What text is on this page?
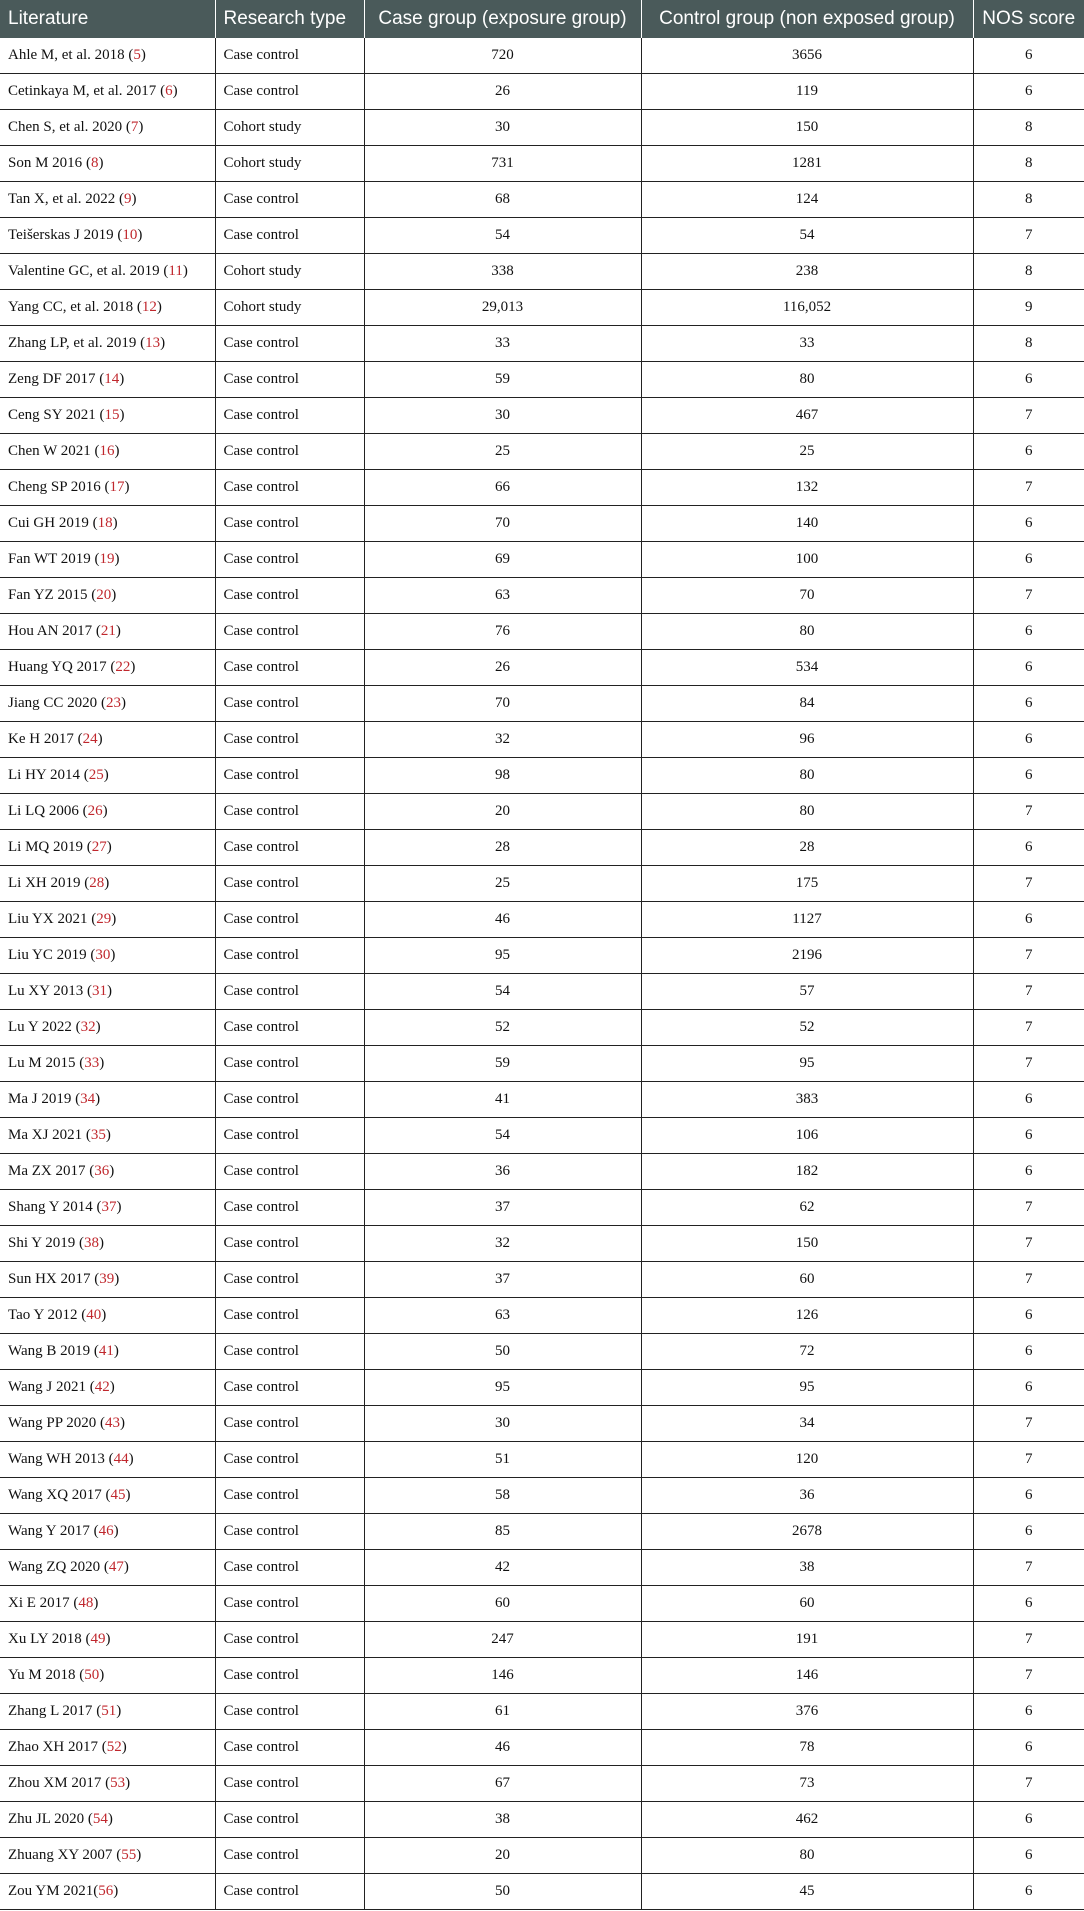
Literature	Research type	Case group (exposure group)	Control group (non exposed group)	NOS score
Ahle M, et al. 2018 (5)	Case control	720	3656	6
Cetinkaya M, et al. 2017 (6)	Case control	26	119	6
Chen S, et al. 2020 (7)	Cohort study	30	150	8
Son M 2016 (8)	Cohort study	731	1281	8
Tan X, et al. 2022 (9)	Case control	68	124	8
Teišerskas J 2019 (10)	Case control	54	54	7
Valentine GC, et al. 2019 (11)	Cohort study	338	238	8
Yang CC, et al. 2018 (12)	Cohort study	29,013	116,052	9
Zhang LP, et al. 2019 (13)	Case control	33	33	8
Zeng DF 2017 (14)	Case control	59	80	6
Ceng SY 2021 (15)	Case control	30	467	7
Chen W 2021 (16)	Case control	25	25	6
Cheng SP 2016 (17)	Case control	66	132	7
Cui GH 2019 (18)	Case control	70	140	6
Fan WT 2019 (19)	Case control	69	100	6
Fan YZ 2015 (20)	Case control	63	70	7
Hou AN 2017 (21)	Case control	76	80	6
Huang YQ 2017 (22)	Case control	26	534	6
Jiang CC 2020 (23)	Case control	70	84	6
Ke H 2017 (24)	Case control	32	96	6
Li HY 2014 (25)	Case control	98	80	6
Li LQ 2006 (26)	Case control	20	80	7
Li MQ 2019 (27)	Case control	28	28	6
Li XH 2019 (28)	Case control	25	175	7
Liu YX 2021 (29)	Case control	46	1127	6
Liu YC 2019 (30)	Case control	95	2196	7
Lu XY 2013 (31)	Case control	54	57	7
Lu Y 2022 (32)	Case control	52	52	7
Lu M 2015 (33)	Case control	59	95	7
Ma J 2019 (34)	Case control	41	383	6
Ma XJ 2021 (35)	Case control	54	106	6
Ma ZX 2017 (36)	Case control	36	182	6
Shang Y 2014 (37)	Case control	37	62	7
Shi Y 2019 (38)	Case control	32	150	7
Sun HX 2017 (39)	Case control	37	60	7
Tao Y 2012 (40)	Case control	63	126	6
Wang B 2019 (41)	Case control	50	72	6
Wang J 2021 (42)	Case control	95	95	6
Wang PP 2020 (43)	Case control	30	34	7
Wang WH 2013 (44)	Case control	51	120	7
Wang XQ 2017 (45)	Case control	58	36	6
Wang Y 2017 (46)	Case control	85	2678	6
Wang ZQ 2020 (47)	Case control	42	38	7
Xi E 2017 (48)	Case control	60	60	6
Xu LY 2018 (49)	Case control	247	191	7
Yu M 2018 (50)	Case control	146	146	7
Zhang L 2017 (51)	Case control	61	376	6
Zhao XH 2017 (52)	Case control	46	78	6
Zhou XM 2017 (53)	Case control	67	73	7
Zhu JL 2020 (54)	Case control	38	462	6
Zhuang XY 2007 (55)	Case control	20	80	6
Zou YM 2021(56)	Case control	50	45	6
